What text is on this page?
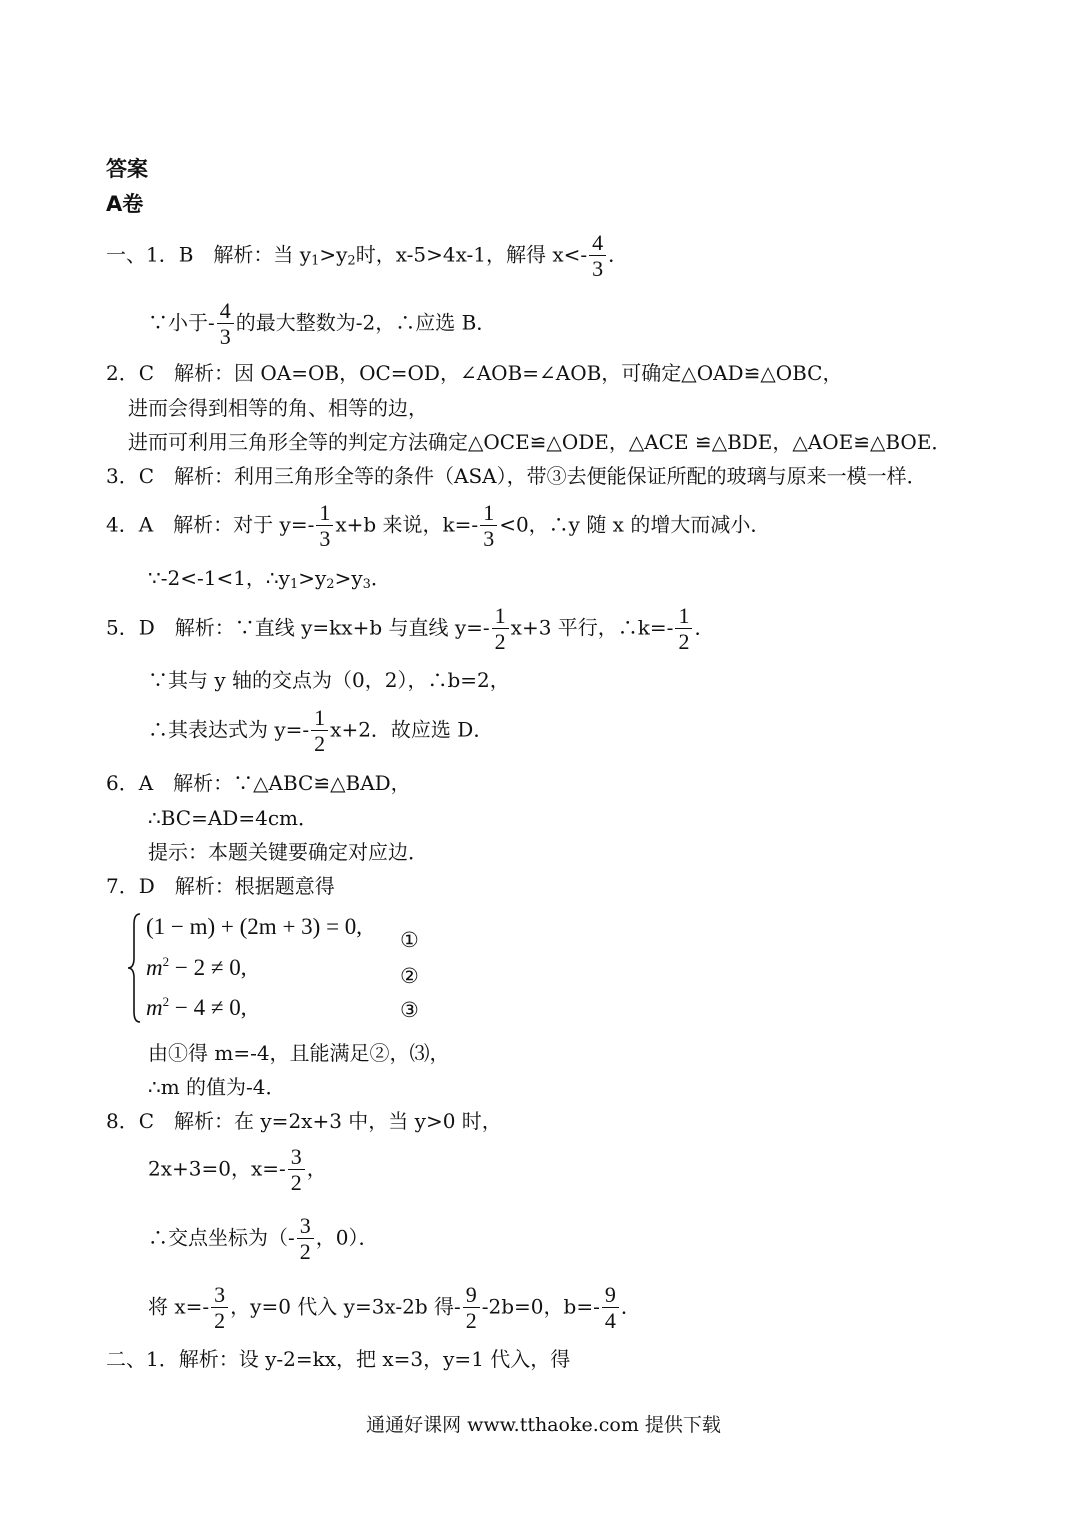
答案
A卷
一、1．B　解析：当 $y_1>y_2$时，x-5>4x-1，解得 $x<- \frac{4}{3}$ ．
∵小于- $\frac{4}{3}$ 的最大整数为-2，∴应选 B．
2．C　解析：因 OA=OB，OC=OD，∠AOB=∠AOB，可确定△OAD≌△OBC，
进而会得到相等的角、相等的边，
进而可利用三角形全等的判定方法确定△OCE≌△ODE，△ACE ≌△BDE，△AOE≌△BOE．
3．C　解析：利用三角形全等的条件（ASA），带③去便能保证所配的玻璃与原来一模一样．
4．A　解析：对于 $y=- \frac{1}{3} x+b$ 来说，$k=- \frac{1}{3} <0$，∴y 随 x 的增大而减小．
∵-2<-1<1，$\therefore y_1>y_2>y_3$．
5．D　解析：∵直线 y=kx+b 与直线 $y=- \frac{1}{2} x+3$ 平行，∴k=- $\frac{1}{2}$ ．
∵其与 y 轴的交点为（0，2），∴b=2，
∴其表达式为 $y=- \frac{1}{2} x+2$．故应选 D．
6．A　解析：∵△ABC≌△BAD，
∴BC=AD=4cm．
提示：本题关键要确定对应边．
7．D　解析：根据题意得
(1 − m) + (2m + 3) = 0,
$m^2 - 2 \ne 0$,
$m^2 - 4 \ne 0$,
①
②
③
由①得 m=-4，且能满足②，⑶，
∴m 的值为-4．
8．C　解析：在 y=2x+3 中，当 y>0 时，
2x+3=0，$x=- \frac{3}{2}$ ，
∴交点坐标为（- $\frac{3}{2}$ ，0）．
将 $x=- \frac{3}{2}$ ，y=0 代入 y=3x-2b 得- $\frac{9}{2} -2b=0$，$b=- \frac{9}{4}$ ．
二、1．解析：设 y-2=kx，把 x=3，y=1 代入，得
通通好课网 www.tthaoke.com 提供下载
